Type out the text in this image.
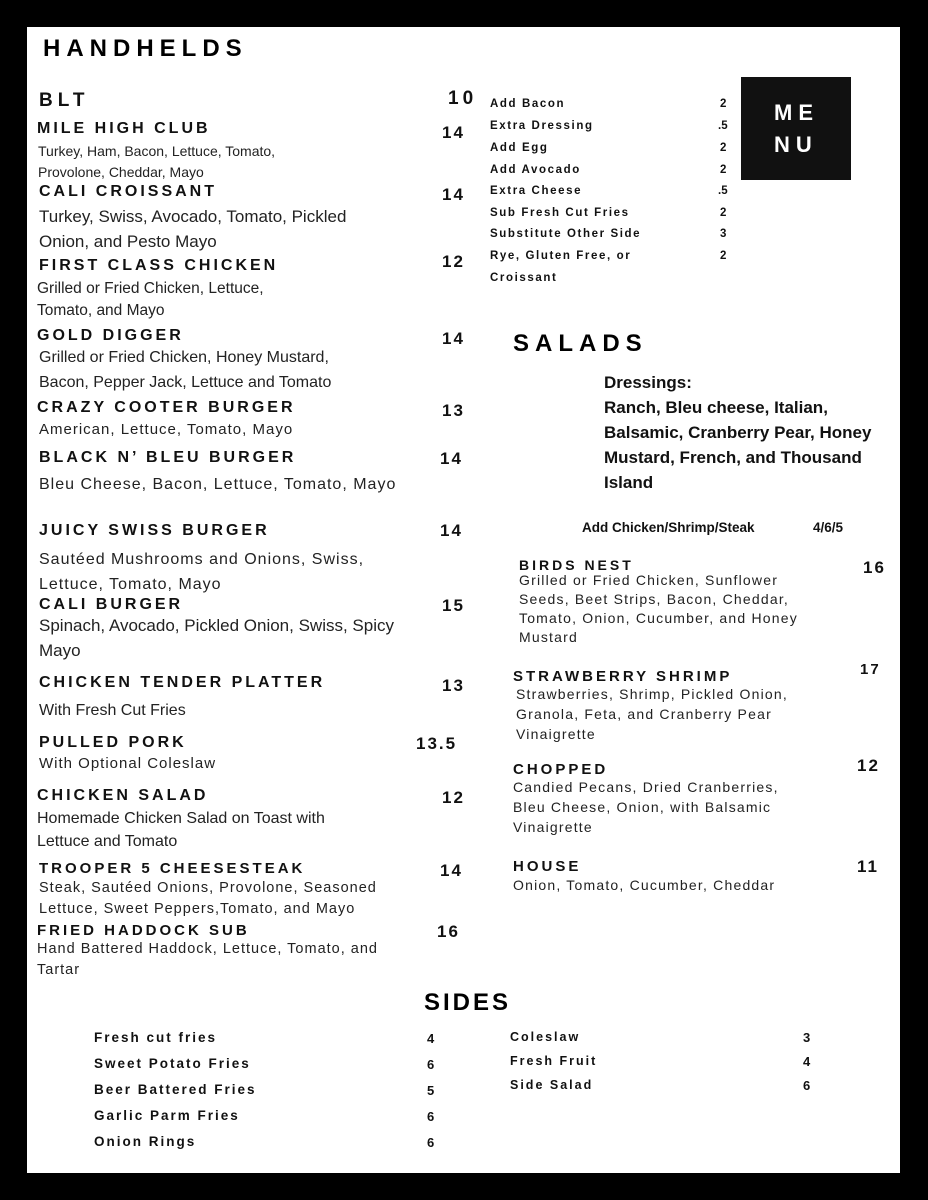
HANDHELDS
BLT	10
MILE HIGH CLUB	14
Turkey, Ham, Bacon, Lettuce, Tomato, Provolone, Cheddar, Mayo
CALI CROISSANT	14
Turkey, Swiss, Avocado, Tomato, Pickled Onion, and Pesto Mayo
FIRST CLASS CHICKEN	12
Grilled or Fried Chicken, Lettuce, Tomato, and Mayo
GOLD DIGGER	14
Grilled or Fried Chicken, Honey Mustard, Bacon, Pepper Jack, Lettuce and Tomato
CRAZY COOTER BURGER	13
American, Lettuce, Tomato, Mayo
BLACK N’ BLEU BURGER	14
Bleu Cheese, Bacon, Lettuce, Tomato, Mayo
JUICY SWISS BURGER	14
Sautéed Mushrooms and Onions, Swiss, Lettuce, Tomato, Mayo
CALI BURGER	15
Spinach, Avocado, Pickled Onion, Swiss, Spicy Mayo
CHICKEN TENDER PLATTER	13
With Fresh Cut Fries
PULLED PORK	13.5
With Optional Coleslaw
CHICKEN SALAD	12
Homemade Chicken Salad on Toast with Lettuce and Tomato
TROOPER 5 CHEESESTEAK	14
Steak, Sautéed Onions, Provolone, Seasoned Lettuce, Sweet Peppers,Tomato, and Mayo
FRIED HADDOCK SUB	16
Hand Battered Haddock, Lettuce, Tomato, and Tartar
Add Bacon	2
Extra Dressing	.5
Add Egg	2
Add Avocado	2
Extra Cheese	.5
Sub Fresh Cut Fries	2
Substitute Other Side	3
Rye, Gluten Free, or	2
Croissant
ME
NU
SALADS
Dressings:
Ranch, Bleu cheese, Italian, Balsamic, Cranberry Pear, Honey Mustard, French, and Thousand Island
Add Chicken/Shrimp/Steak	4/6/5
BIRDS NEST	16
Grilled or Fried Chicken, Sunflower Seeds, Beet Strips, Bacon, Cheddar, Tomato, Onion, Cucumber, and Honey Mustard
STRAWBERRY SHRIMP	17
Strawberries, Shrimp, Pickled Onion, Granola, Feta, and Cranberry Pear Vinaigrette
CHOPPED	12
Candied Pecans, Dried Cranberries, Bleu Cheese, Onion, with Balsamic Vinaigrette
HOUSE	11
Onion, Tomato, Cucumber, Cheddar
SIDES
Fresh cut fries	4
Sweet Potato Fries	6
Beer Battered Fries	5
Garlic Parm Fries	6
Onion Rings	6
Coleslaw	3
Fresh Fruit	4
Side Salad	6
